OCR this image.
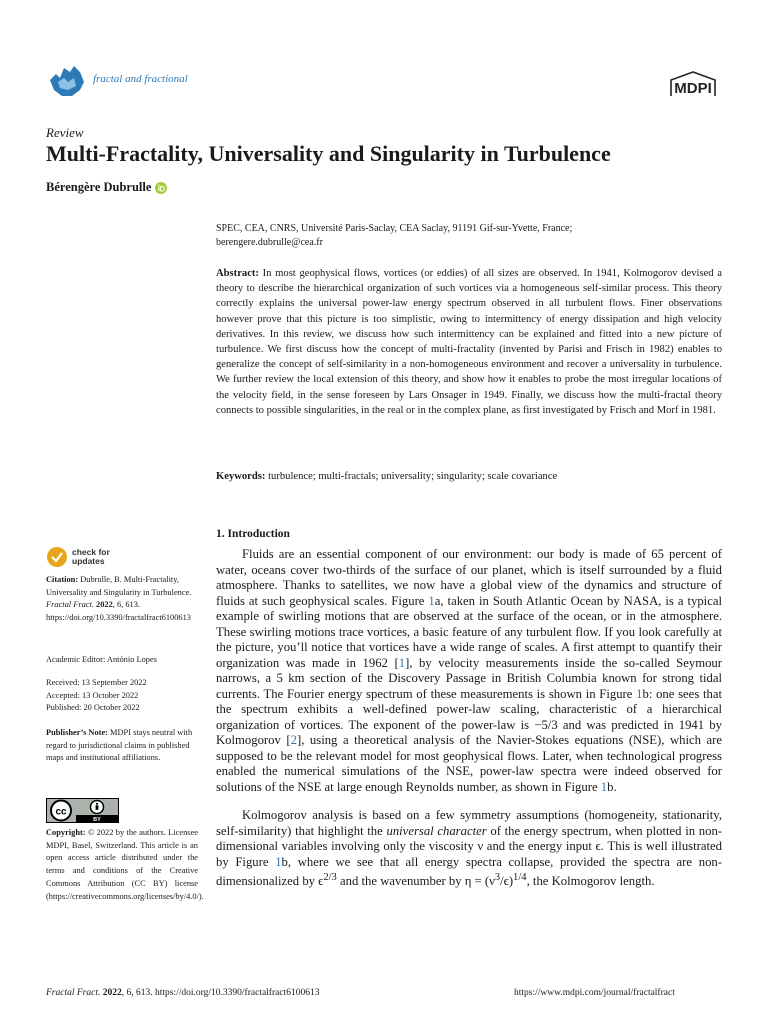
fractal and fractional
MDPI
Review
Multi-Fractality, Universality and Singularity in Turbulence
Bérengère Dubrulle
SPEC, CEA, CNRS, Université Paris-Saclay, CEA Saclay, 91191 Gif-sur-Yvette, France;
berengere.dubrulle@cea.fr

Abstract: In most geophysical flows, vortices (or eddies) of all sizes are observed. In 1941, Kolmogorov devised a theory to describe the hierarchical organization of such vortices via a homogeneous self-similar process. This theory correctly explains the universal power-law energy spectrum observed in all turbulent flows. Finer observations however prove that this picture is too simplistic, owing to intermittency of energy dissipation and high velocity derivatives. In this review, we discuss how such intermittency can be explained and fitted into a new picture of turbulence. We first discuss how the concept of multi-fractality (invented by Parisi and Frisch in 1982) enables to generalize the concept of self-similarity in a non-homogeneous environment and recover a universality in turbulence. We further review the local extension of this theory, and show how it enables to probe the most irregular locations of the velocity field, in the sense foreseen by Lars Onsager in 1949. Finally, we discuss how the multi-fractal theory connects to possible singularities, in the real or in the complex plane, as first investigated by Frisch and Morf in 1981.

Keywords: turbulence; multi-fractals; universality; singularity; scale covariance

1. Introduction

Fluids are an essential component of our environment: our body is made of 65 percent of water, oceans cover two-thirds of the surface of our planet, which is itself surrounded by a fluid atmosphere. Thanks to satellites, we now have a global view of the dynamics and structure of fluids at such geophysical scales. Figure 1a, taken in South Atlantic Ocean by NASA, is a typical example of swirling motions that are observed at the surface of the ocean, or in the atmosphere. These swirling motions trace vortices, a basic feature of any turbulent flow. If you look carefully at the picture, you’ll notice that vortices have a wide range of scales. A first attempt to quantify their organization was made in 1962 [1], by velocity measurements inside the so-called Seymour narrows, a 5 km section of the Discovery Passage in British Columbia known for strong tidal currents. The Fourier energy spectrum of these measurements is shown in Figure 1b: one sees that the spectrum exhibits a well-defined power-law scaling, characteristic of a hierarchical organization of vortices. The exponent of the power-law is −5/3 and was predicted in 1941 by Kolmogorov [2], using a theoretical analysis of the Navier-Stokes equations (NSE), which are supposed to be the relevant model for most geophysical flows. Later, when technological progress enabled the numerical simulations of the NSE, power-law spectra were indeed observed for solutions of the NSE at large enough Reynolds number, as shown in Figure 1b.

Kolmogorov analysis is based on a few symmetry assumptions (homogeneity, stationarity, self-similarity) that highlight the universal character of the energy spectrum, when plotted in non-dimensional variables involving only the viscosity ν and the energy input ϵ. This is well illustrated by Figure 1b, where we see that all energy spectra collapse, provided the spectra are non-dimensionalized by $\epsilon^{2/3}$ and the wavenumber by $\eta = (\nu^3/\epsilon)^{1/4}$, the Kolmogorov length.

check for
updates

Citation: Dubrulle, B. Multi-Fractality, Universality and Singularity in Turbulence. Fractal Fract. 2022, 6, 613. https://doi.org/10.3390/fractalfract6100613

Academic Editor: António Lopes

Received: 13 September 2022
Accepted: 13 October 2022
Published: 20 October 2022

Publisher’s Note: MDPI stays neutral with regard to jurisdictional claims in published maps and institutional affiliations.

cc
BY

Copyright: © 2022 by the authors. Licensee MDPI, Basel, Switzerland. This article is an open access article distributed under the terms and conditions of the Creative Commons Attribution (CC BY) license (https://creativecommons.org/licenses/by/4.0/).

Fractal Fract. 2022, 6, 613. https://doi.org/10.3390/fractalfract6100613	https://www.mdpi.com/journal/fractalfract
